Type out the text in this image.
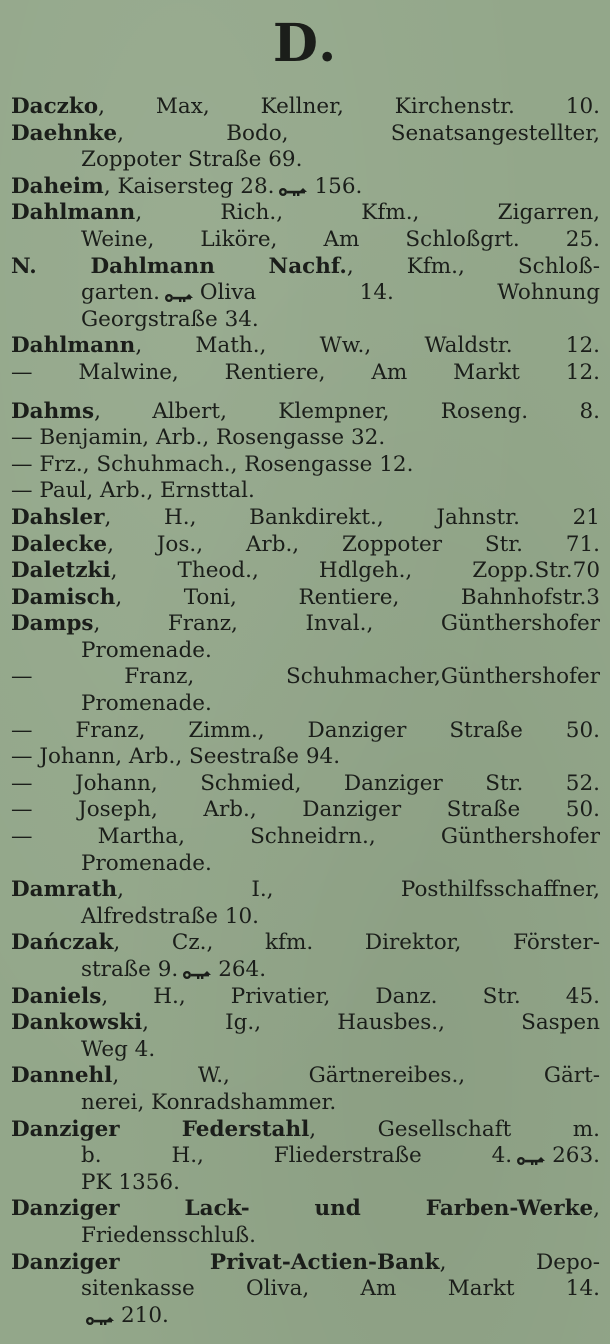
D.
Daczko, Max, Kellner, Kirchenstr. 10.
Daehnke, Bodo, Senatsangestellter,
Zoppoter Straße 69.
Daheim, Kaisersteg 28. 156.
Dahlmann, Rich., Kfm., Zigarren,
Weine, Liköre, Am Schloßgrt. 25.
N. Dahlmann Nachf., Kfm., Schloß-
garten. Oliva 14. Wohnung
Georgstraße 34.
Dahlmann, Math., Ww., Waldstr. 12.
— Malwine, Rentiere, Am Markt 12.
Dahms, Albert, Klempner, Roseng. 8.
— Benjamin, Arb., Rosengasse 32.
— Frz., Schuhmach., Rosengasse 12.
— Paul, Arb., Ernsttal.
Dahsler, H., Bankdirekt., Jahnstr. 21
Dalecke, Jos., Arb., Zoppoter Str. 71.
Daletzki, Theod., Hdlgeh., Zopp.Str.70
Damisch, Toni, Rentiere, Bahnhofstr.3
Damps, Franz, Inval., Günthershofer
Promenade.
— Franz, Schuhmacher,Günthershofer
Promenade.
— Franz, Zimm., Danziger Straße 50.
— Johann, Arb., Seestraße 94.
— Johann, Schmied, Danziger Str. 52.
— Joseph, Arb., Danziger Straße 50.
— Martha, Schneidrn., Günthershofer
Promenade.
Damrath, I., Posthilfsschaffner,
Alfredstraße 10.
Dańczak, Cz., kfm. Direktor, Förster-
straße 9. 264.
Daniels, H., Privatier, Danz. Str. 45.
Dankowski, Ig., Hausbes., Saspen
Weg 4.
Dannehl, W., Gärtnereibes., Gärt-
nerei, Konradshammer.
Danziger Federstahl, Gesellschaft m.
b. H., Fliederstraße 4. 263.
PK 1356.
Danziger Lack- und Farben-Werke,
Friedensschluß.
Danziger Privat-Actien-Bank, Depo-
sitenkasse Oliva, Am Markt 14.
210.
